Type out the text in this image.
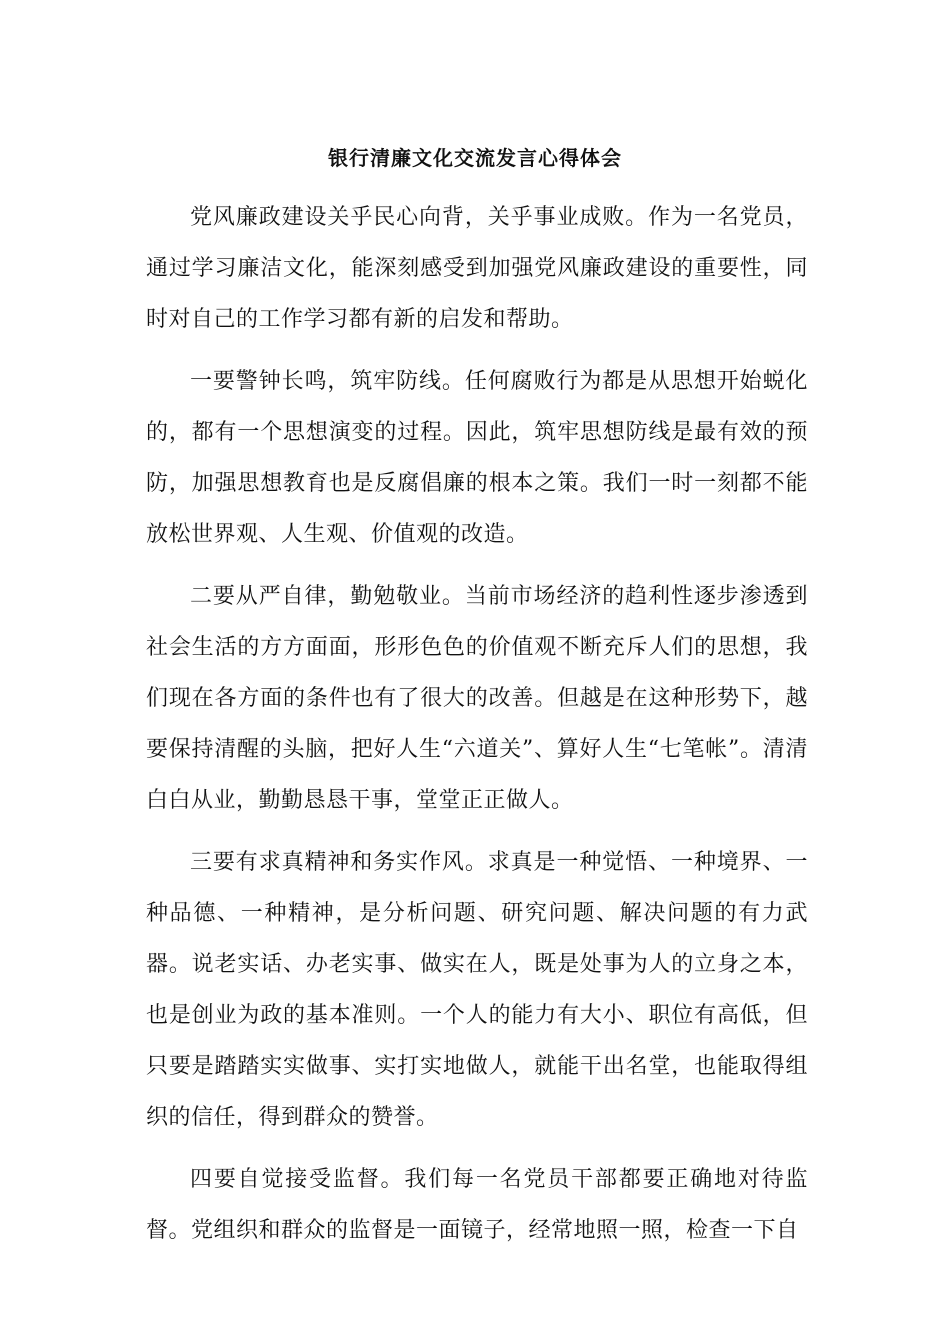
银行清廉文化交流发言心得体会

党风廉政建设关乎民心向背，关乎事业成败。作为一名党员，通过学习廉洁文化，能深刻感受到加强党风廉政建设的重要性，同时对自己的工作学习都有新的启发和帮助。

一要警钟长鸣，筑牢防线。任何腐败行为都是从思想开始蜕化的，都有一个思想演变的过程。因此，筑牢思想防线是最有效的预防，加强思想教育也是反腐倡廉的根本之策。我们一时一刻都不能放松世界观、人生观、价值观的改造。

二要从严自律，勤勉敬业。当前市场经济的趋利性逐步渗透到社会生活的方方面面，形形色色的价值观不断充斥人们的思想，我们现在各方面的条件也有了很大的改善。但越是在这种形势下，越要保持清醒的头脑，把好人生“六道关”、算好人生“七笔帐”。清清白白从业，勤勤恳恳干事，堂堂正正做人。

三要有求真精神和务实作风。求真是一种觉悟、一种境界、一种品德、一种精神，是分析问题、研究问题、解决问题的有力武器。说老实话、办老实事、做实在人，既是处事为人的立身之本，也是创业为政的基本准则。一个人的能力有大小、职位有高低，但只要是踏踏实实做事、实打实地做人，就能干出名堂，也能取得组织的信任，得到群众的赞誉。

四要自觉接受监督。我们每一名党员干部都要正确地对待监督。党组织和群众的监督是一面镜子，经常地照一照，检查一下自
